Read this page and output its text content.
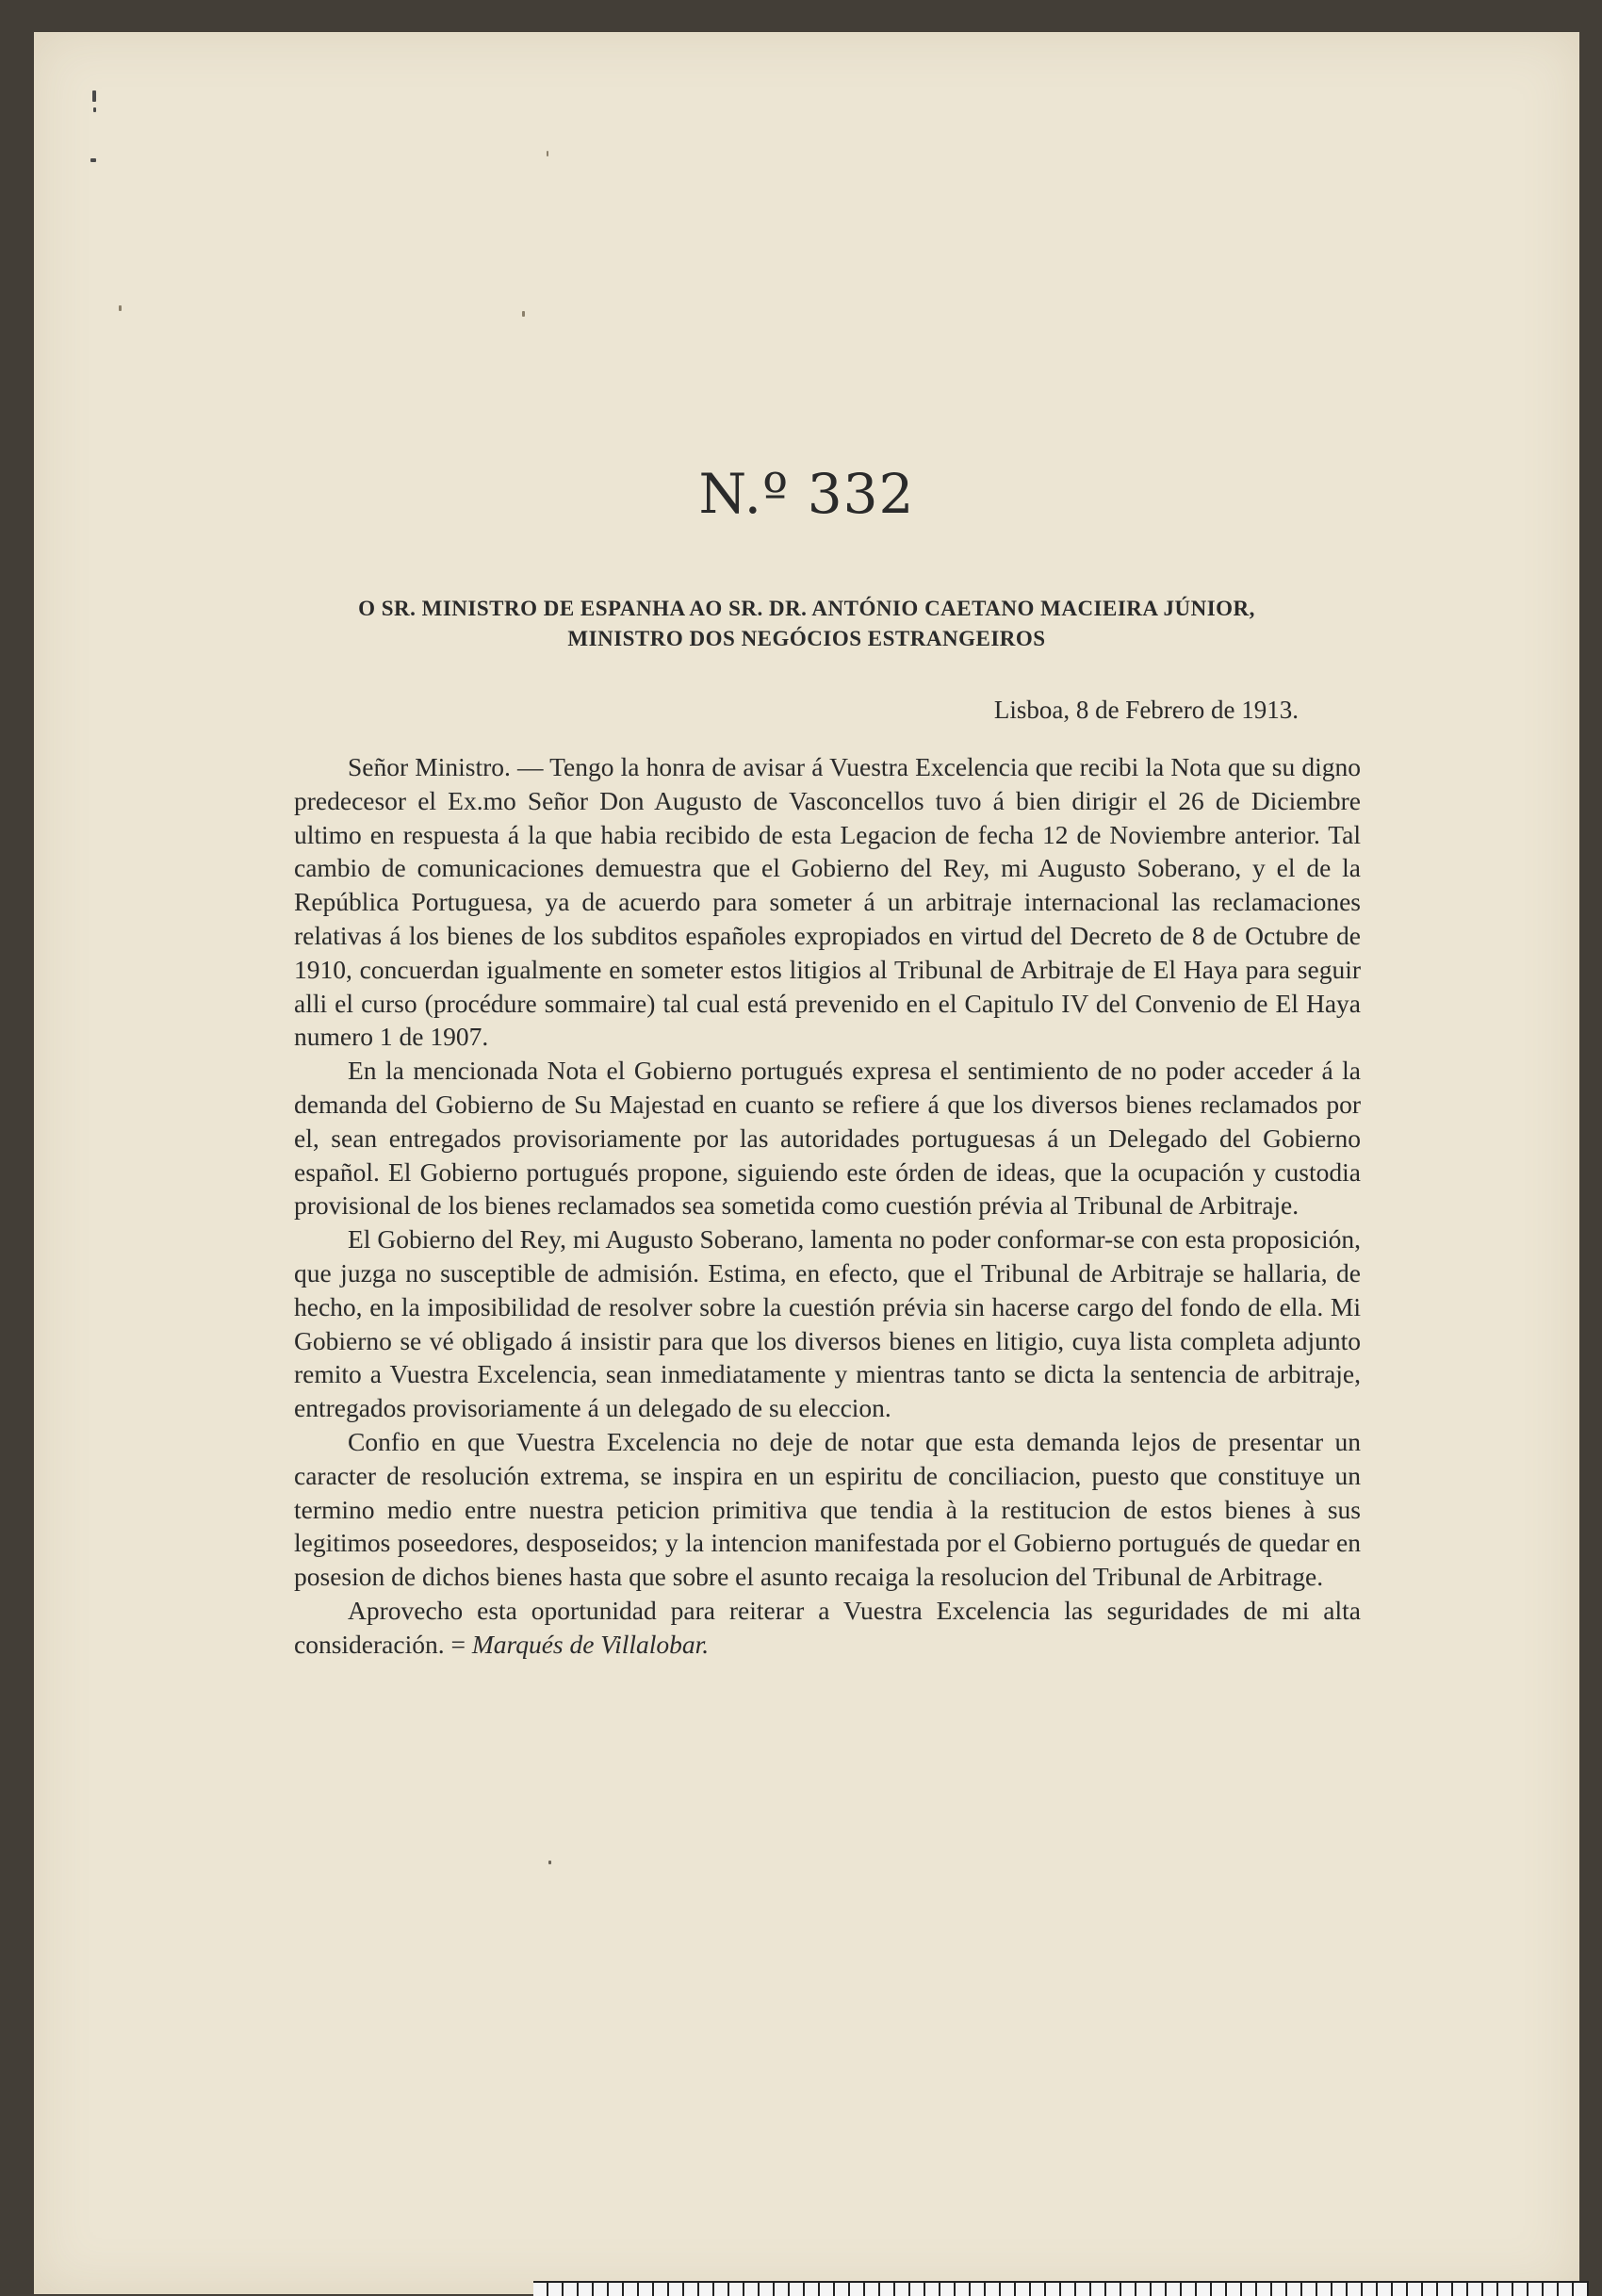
N.º 332
O SR. MINISTRO DE ESPANHA AO SR. DR. ANTÓNIO CAETANO MACIEIRA JÚNIOR,
MINISTRO DOS NEGÓCIOS ESTRANGEIROS
Lisboa, 8 de Febrero de 1913.

Señor Ministro. — Tengo la honra de avisar á Vuestra Excelencia que recibi la Nota que su digno predecesor el Ex.mo Señor Don Augusto de Vasconcellos tuvo á bien dirigir el 26 de Diciembre ultimo en respuesta á la que habia recibido de esta Legacion de fecha 12 de Noviembre anterior. Tal cambio de comunicaciones demuestra que el Gobierno del Rey, mi Augusto Soberano, y el de la República Portuguesa, ya de acuerdo para someter á un arbitraje internacional las reclamaciones relativas á los bienes de los subditos españoles expropiados en virtud del Decreto de 8 de Octubre de 1910, concuerdan igualmente en someter estos litigios al Tribunal de Arbitraje de El Haya para seguir alli el curso (procédure sommaire) tal cual está prevenido en el Capitulo IV del Convenio de El Haya numero 1 de 1907.

En la mencionada Nota el Gobierno portugués expresa el sentimiento de no poder acceder á la demanda del Gobierno de Su Majestad en cuanto se refiere á que los diversos bienes reclamados por el, sean entregados provisoriamente por las autoridades portuguesas á un Delegado del Gobierno español. El Gobierno portugués propone, siguiendo este órden de ideas, que la ocupación y custodia provisional de los bienes reclamados sea sometida como cuestión prévia al Tribunal de Arbitraje.

El Gobierno del Rey, mi Augusto Soberano, lamenta no poder conformar-se con esta proposición, que juzga no susceptible de admisión. Estima, en efecto, que el Tribunal de Arbitraje se hallaria, de hecho, en la imposibilidad de resolver sobre la cuestión prévia sin hacerse cargo del fondo de ella. Mi Gobierno se vé obligado á insistir para que los diversos bienes en litigio, cuya lista completa adjunto remito a Vuestra Excelencia, sean inmediatamente y mientras tanto se dicta la sentencia de arbitraje, entregados provisoriamente á un delegado de su eleccion.

Confio en que Vuestra Excelencia no deje de notar que esta demanda lejos de presentar un caracter de resolución extrema, se inspira en un espiritu de conciliacion, puesto que constituye un termino medio entre nuestra peticion primitiva que tendia à la restitucion de estos bienes à sus legitimos poseedores, desposeidos; y la intencion manifestada por el Gobierno portugués de quedar en posesion de dichos bienes hasta que sobre el asunto recaiga la resolucion del Tribunal de Arbitrage.

Aprovecho esta oportunidad para reiterar a Vuestra Excelencia las seguridades de mi alta consideración. = Marqués de Villalobar.
